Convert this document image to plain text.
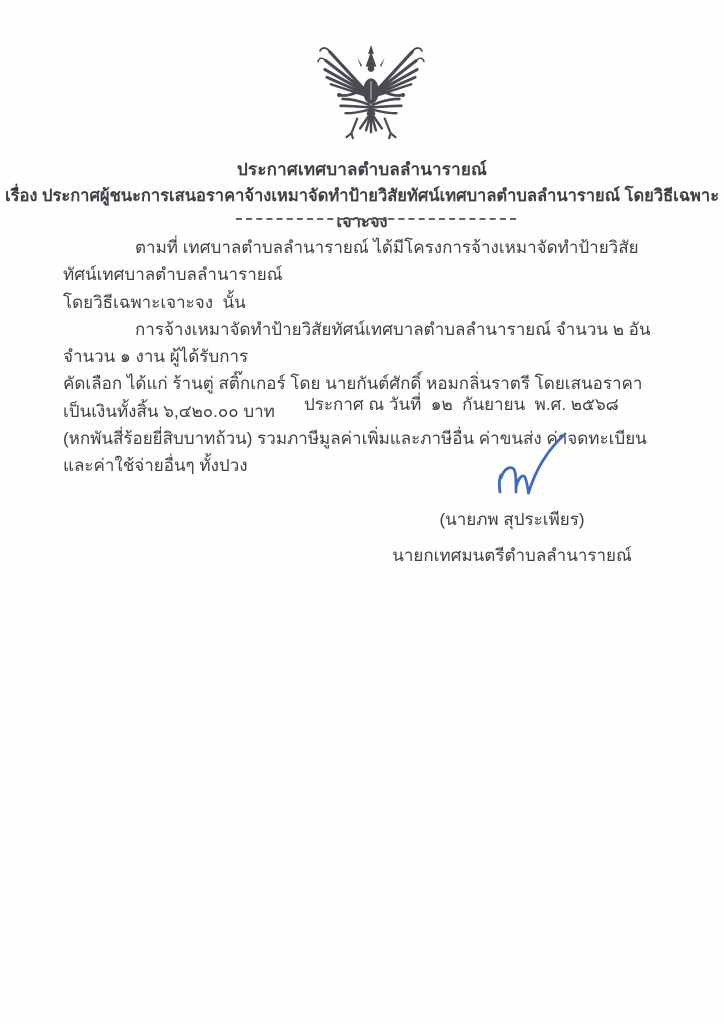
ประกาศเทศบาลตำบลลำนารายณ์
เรื่อง ประกาศผู้ชนะการเสนอราคาจ้างเหมาจัดทำป้ายวิสัยทัศน์เทศบาลตำบลลำนารายณ์ โดยวิธีเฉพาะเจาะจง
ตามที่ เทศบาลตำบลลำนารายณ์ ได้มีโครงการจ้างเหมาจัดทำป้ายวิสัยทัศน์เทศบาลตำบลลำนารายณ์
โดยวิธีเฉพาะเจาะจง  นั้น
การจ้างเหมาจัดทำป้ายวิสัยทัศน์เทศบาลตำบลลำนารายณ์ จำนวน ๒ อัน จำนวน ๑ งาน ผู้ได้รับการ
คัดเลือก ได้แก่ ร้านตู่ สติ๊กเกอร์ โดย นายกันต์ศักดิ์ หอมกลิ่นราตรี โดยเสนอราคา เป็นเงินทั้งสิ้น ๖,๔๒๐.๐๐ บาท
(หกพันสี่ร้อยยี่สิบบาทถ้วน) รวมภาษีมูลค่าเพิ่มและภาษีอื่น ค่าขนส่ง ค่าจดทะเบียน และค่าใช้จ่ายอื่นๆ ทั้งปวง
ประกาศ ณ วันที่  ๑๒  กันยายน  พ.ศ. ๒๕๖๘
(นายภพ สุประเพียร)
นายกเทศมนตรีตำบลลำนารายณ์
